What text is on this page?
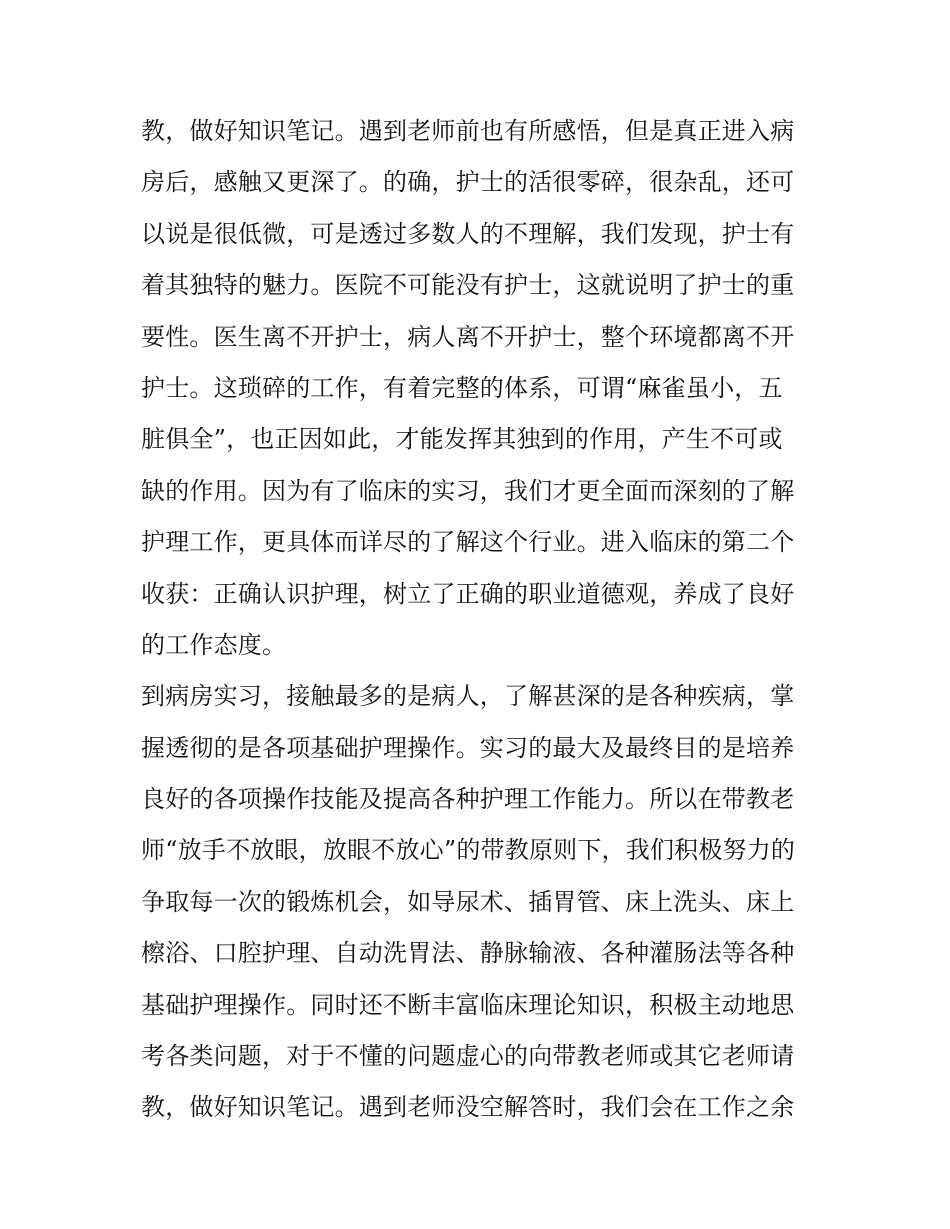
教，做好知识笔记。遇到老师前也有所感悟，但是真正进入病
房后，感触又更深了。的确，护士的活很零碎，很杂乱，还可
以说是很低微，可是透过多数人的不理解，我们发现，护士有
着其独特的魅力。医院不可能没有护士，这就说明了护士的重
要性。医生离不开护士，病人离不开护士，整个环境都离不开
护士。这琐碎的工作，有着完整的体系，可谓“麻雀虽小，五
脏俱全”，也正因如此，才能发挥其独到的作用，产生不可或
缺的作用。因为有了临床的实习，我们才更全面而深刻的了解
护理工作，更具体而详尽的了解这个行业。进入临床的第二个
收获：正确认识护理，树立了正确的职业道德观，养成了良好
的工作态度。
到病房实习，接触最多的是病人，了解甚深的是各种疾病，掌
握透彻的是各项基础护理操作。实习的最大及最终目的是培养
良好的各项操作技能及提高各种护理工作能力。所以在带教老
师“放手不放眼，放眼不放心”的带教原则下，我们积极努力的
争取每一次的锻炼机会，如导尿术、插胃管、床上洗头、床上
檫浴、口腔护理、自动洗胃法、静脉输液、各种灌肠法等各种
基础护理操作。同时还不断丰富临床理论知识，积极主动地思
考各类问题，对于不懂的问题虚心的向带教老师或其它老师请
教，做好知识笔记。遇到老师没空解答时，我们会在工作之余
